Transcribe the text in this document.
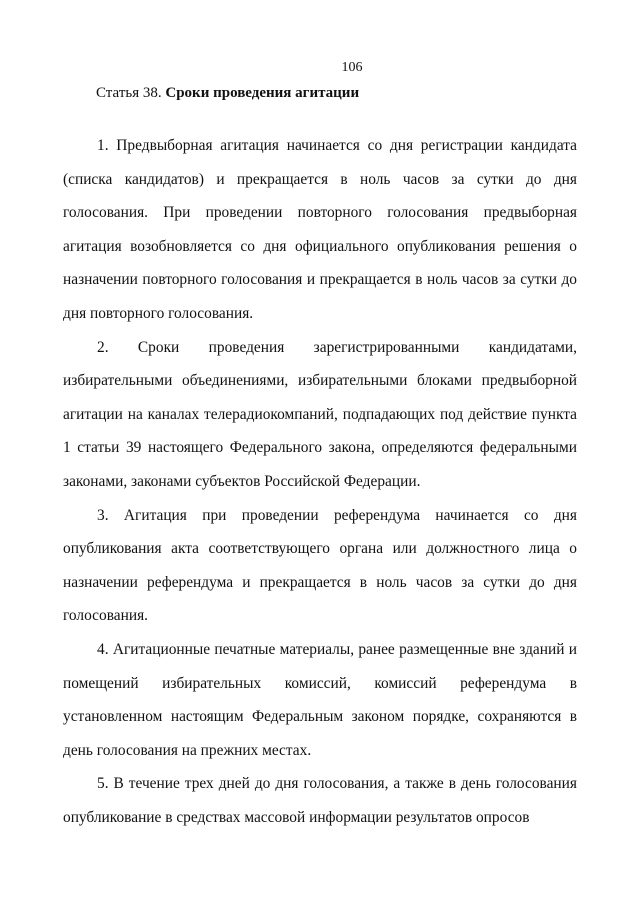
106
Статья 38. Сроки проведения агитации

1. Предвыборная агитация начинается со дня регистрации кандидата (списка кандидатов) и прекращается в ноль часов за сутки до дня голосования. При проведении повторного голосования предвыборная агитация возобновляется со дня официального опубликования решения о назначении повторного голосования и прекращается в ноль часов за сутки до дня повторного голосования.

2. Сроки проведения зарегистрированными кандидатами, избирательными объединениями, избирательными блоками предвыборной агитации на каналах телерадиокомпаний, подпадающих под действие пункта 1 статьи 39 настоящего Федерального закона, определяются федеральными законами, законами субъектов Российской Федерации.

3. Агитация при проведении референдума начинается со дня опубликования акта соответствующего органа или должностного лица о назначении референдума и прекращается в ноль часов за сутки до дня голосования.

4. Агитационные печатные материалы, ранее размещенные вне зданий и помещений избирательных комиссий, комиссий референдума в установленном настоящим Федеральным законом порядке, сохраняются в день голосования на прежних местах.

5. В течение трех дней до дня голосования, а также в день голосования опубликование в средствах массовой информации результатов опросов
